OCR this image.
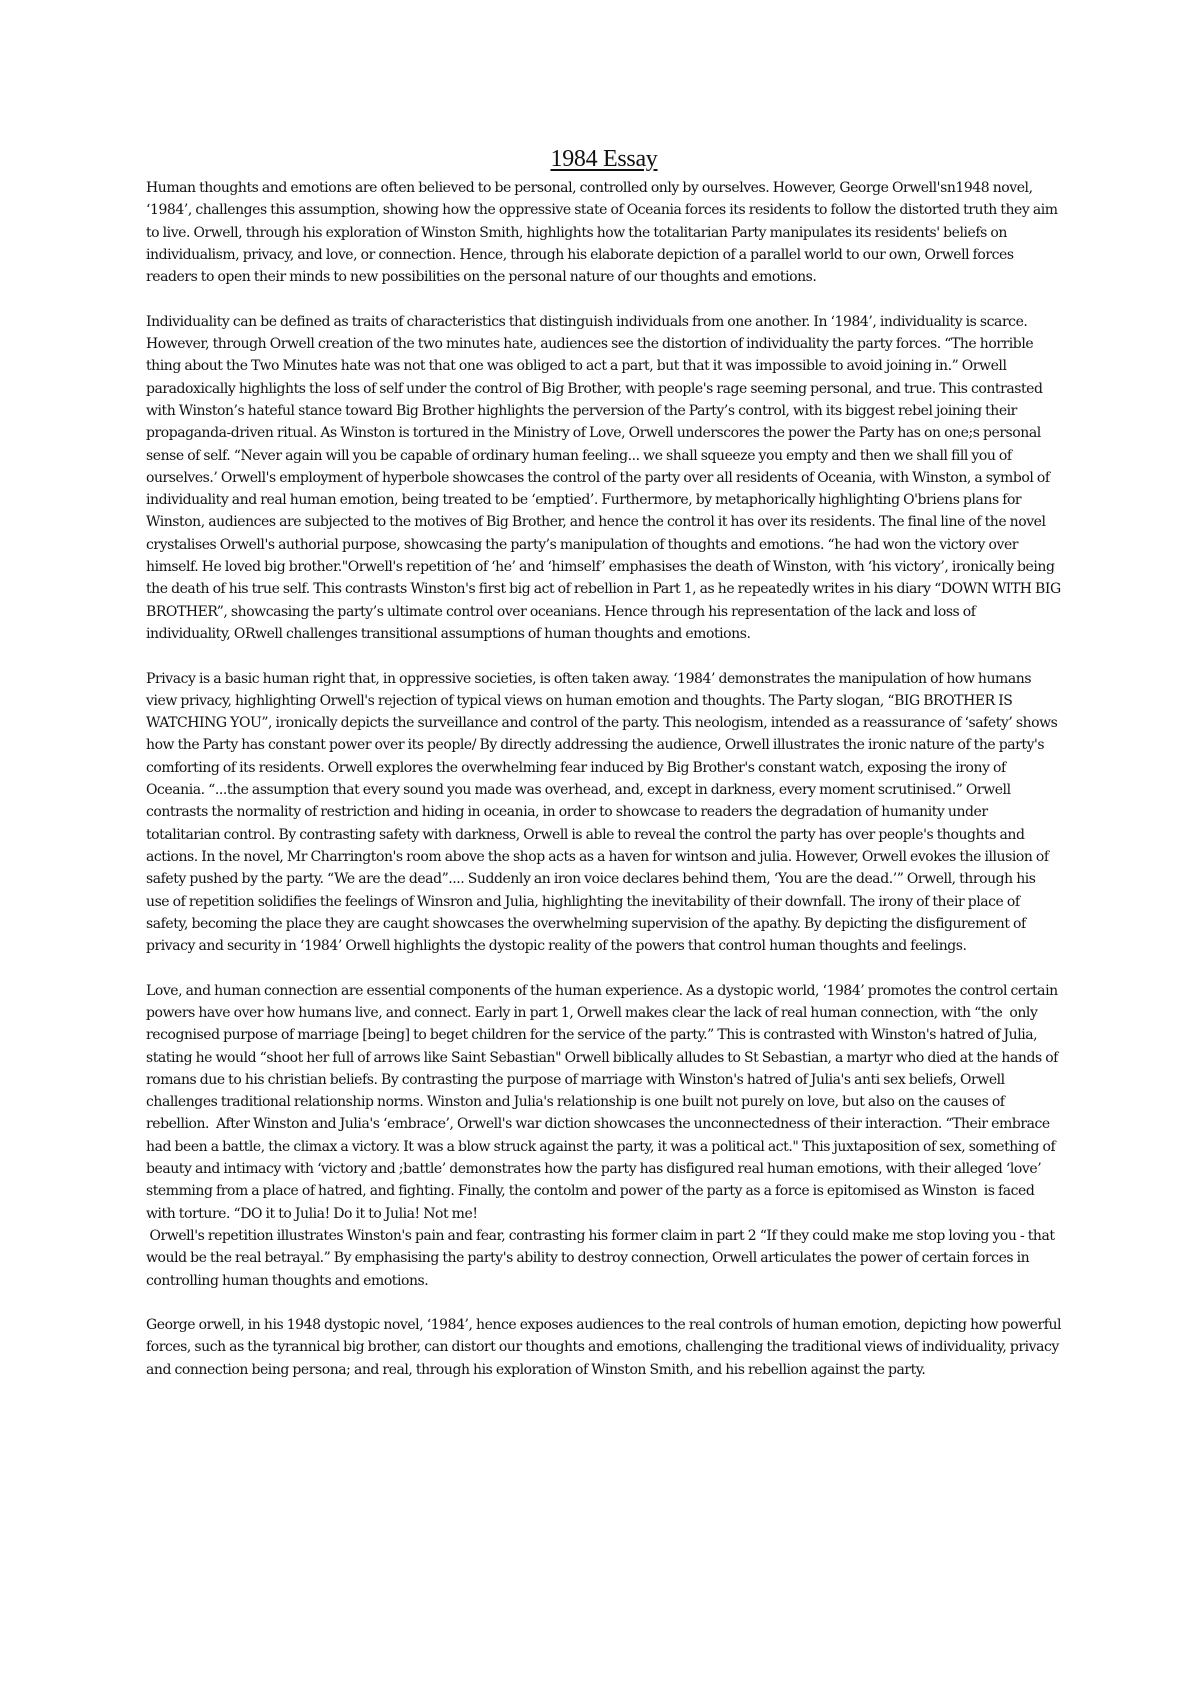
1984 Essay

Human thoughts and emotions are often believed to be personal, controlled only by ourselves. However, George Orwell'sn1948 novel, ‘1984’, challenges this assumption, showing how the oppressive state of Oceania forces its residents to follow the distorted truth they aim to live. Orwell, through his exploration of Winston Smith, highlights how the totalitarian Party manipulates its residents' beliefs on individualism, privacy, and love, or connection. Hence, through his elaborate depiction of a parallel world to our own, Orwell forces readers to open their minds to new possibilities on the personal nature of our thoughts and emotions.

Individuality can be defined as traits of characteristics that distinguish individuals from one another. In ‘1984’, individuality is scarce. However, through Orwell creation of the two minutes hate, audiences see the distortion of individuality the party forces. “The horrible thing about the Two Minutes hate was not that one was obliged to act a part, but that it was impossible to avoid joining in.” Orwell paradoxically highlights the loss of self under the control of Big Brother, with people's rage seeming personal, and true. This contrasted with Winston’s hateful stance toward Big Brother highlights the perversion of the Party’s control, with its biggest rebel joining their propaganda-driven ritual. As Winston is tortured in the Ministry of Love, Orwell underscores the power the Party has on one;s personal sense of self. “Never again will you be capable of ordinary human feeling... we shall squeeze you empty and then we shall fill you of ourselves.’ Orwell's employment of hyperbole showcases the control of the party over all residents of Oceania, with Winston, a symbol of individuality and real human emotion, being treated to be ‘emptied’. Furthermore, by metaphorically highlighting O'briens plans for Winston, audiences are subjected to the motives of Big Brother, and hence the control it has over its residents. The final line of the novel crystalises Orwell's authorial purpose, showcasing the party’s manipulation of thoughts and emotions. “he had won the victory over himself. He loved big brother."Orwell's repetition of ‘he’ and ‘himself’ emphasises the death of Winston, with ‘his victory’, ironically being the death of his true self. This contrasts Winston's first big act of rebellion in Part 1, as he repeatedly writes in his diary “DOWN WITH BIG BROTHER”, showcasing the party’s ultimate control over oceanians. Hence through his representation of the lack and loss of individuality, ORwell challenges transitional assumptions of human thoughts and emotions.

Privacy is a basic human right that, in oppressive societies, is often taken away. ‘1984’ demonstrates the manipulation of how humans view privacy, highlighting Orwell's rejection of typical views on human emotion and thoughts. The Party slogan, “BIG BROTHER IS WATCHING YOU”, ironically depicts the surveillance and control of the party. This neologism, intended as a reassurance of ‘safety’ shows how the Party has constant power over its people/ By directly addressing the audience, Orwell illustrates the ironic nature of the party's comforting of its residents. Orwell explores the overwhelming fear induced by Big Brother's constant watch, exposing the irony of Oceania. “...the assumption that every sound you made was overhead, and, except in darkness, every moment scrutinised.” Orwell contrasts the normality of restriction and hiding in oceania, in order to showcase to readers the degradation of humanity under totalitarian control. By contrasting safety with darkness, Orwell is able to reveal the control the party has over people's thoughts and actions. In the novel, Mr Charrington's room above the shop acts as a haven for wintson and julia. However, Orwell evokes the illusion of safety pushed by the party. “We are the dead”.... Suddenly an iron voice declares behind them, ‘You are the dead.’” Orwell, through his use of repetition solidifies the feelings of Winsron and Julia, highlighting the inevitability of their downfall. The irony of their place of safety, becoming the place they are caught showcases the overwhelming supervision of the apathy. By depicting the disfigurement of privacy and security in ‘1984’ Orwell highlights the dystopic reality of the powers that control human thoughts and feelings.

Love, and human connection are essential components of the human experience. As a dystopic world, ‘1984’ promotes the control certain powers have over how humans live, and connect. Early in part 1, Orwell makes clear the lack of real human connection, with “the  only recognised purpose of marriage [being] to beget children for the service of the party.” This is contrasted with Winston's hatred of Julia, stating he would “shoot her full of arrows like Saint Sebastian" Orwell biblically alludes to St Sebastian, a martyr who died at the hands of romans due to his christian beliefs. By contrasting the purpose of marriage with Winston's hatred of Julia's anti sex beliefs, Orwell challenges traditional relationship norms. Winston and Julia's relationship is one built not purely on love, but also on the causes of rebellion.  After Winston and Julia's ‘embrace’, Orwell's war diction showcases the unconnectedness of their interaction. “Their embrace had been a battle, the climax a victory. It was a blow struck against the party, it was a political act." This juxtaposition of sex, something of beauty and intimacy with ‘victory and ;battle’ demonstrates how the party has disfigured real human emotions, with their alleged ‘love’ stemming from a place of hatred, and fighting. Finally, the contolm and power of the party as a force is epitomised as Winston  is faced with torture. “DO it to Julia! Do it to Julia! Not me!
Orwell's repetition illustrates Winston's pain and fear, contrasting his former claim in part 2 “If they could make me stop loving you - that would be the real betrayal.” By emphasising the party's ability to destroy connection, Orwell articulates the power of certain forces in controlling human thoughts and emotions.

George orwell, in his 1948 dystopic novel, ‘1984’, hence exposes audiences to the real controls of human emotion, depicting how powerful forces, such as the tyrannical big brother, can distort our thoughts and emotions, challenging the traditional views of individuality, privacy and connection being persona; and real, through his exploration of Winston Smith, and his rebellion against the party.
